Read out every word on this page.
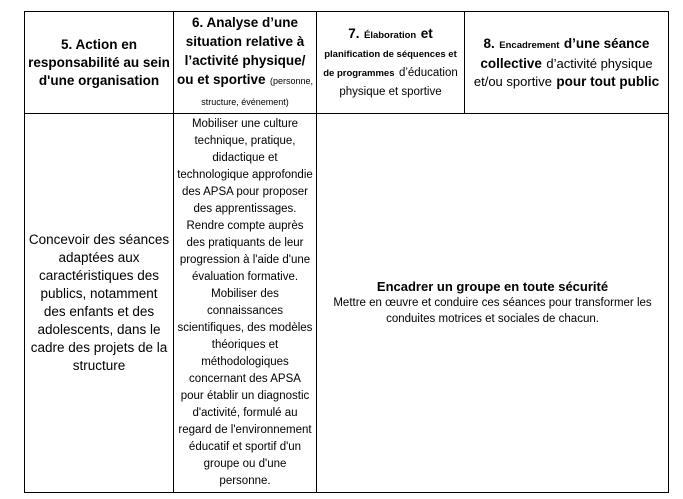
5. Action en responsabilité au sein d'une organisation	6. Analyse d’une situation relative à l’activité physique/ ou et sportive (personne, structure, événement)	7. Élaboration et planification de séquences et de programmes d’éducation physique et sportive	8. Encadrement d’une séance collective d’activité physique et/ou sportive pour tout public
Concevoir des séances adaptées aux caractéristiques des publics, notamment des enfants et des adolescents, dans le cadre des projets de la structure	Mobiliser une culture technique, pratique, didactique et technologique approfondie des APSA pour proposer des apprentissages. Rendre compte auprès des pratiquants de leur progression à l'aide d'une évaluation formative. Mobiliser des connaissances scientifiques, des modèles théoriques et méthodologiques concernant des APSA pour établir un diagnostic d'activité, formulé au regard de l'environnement éducatif et sportif d'un groupe ou d'une personne.	Encadrer un groupe en toute sécurité
Mettre en œuvre et conduire ces séances pour transformer les conduites motrices et sociales de chacun.	
